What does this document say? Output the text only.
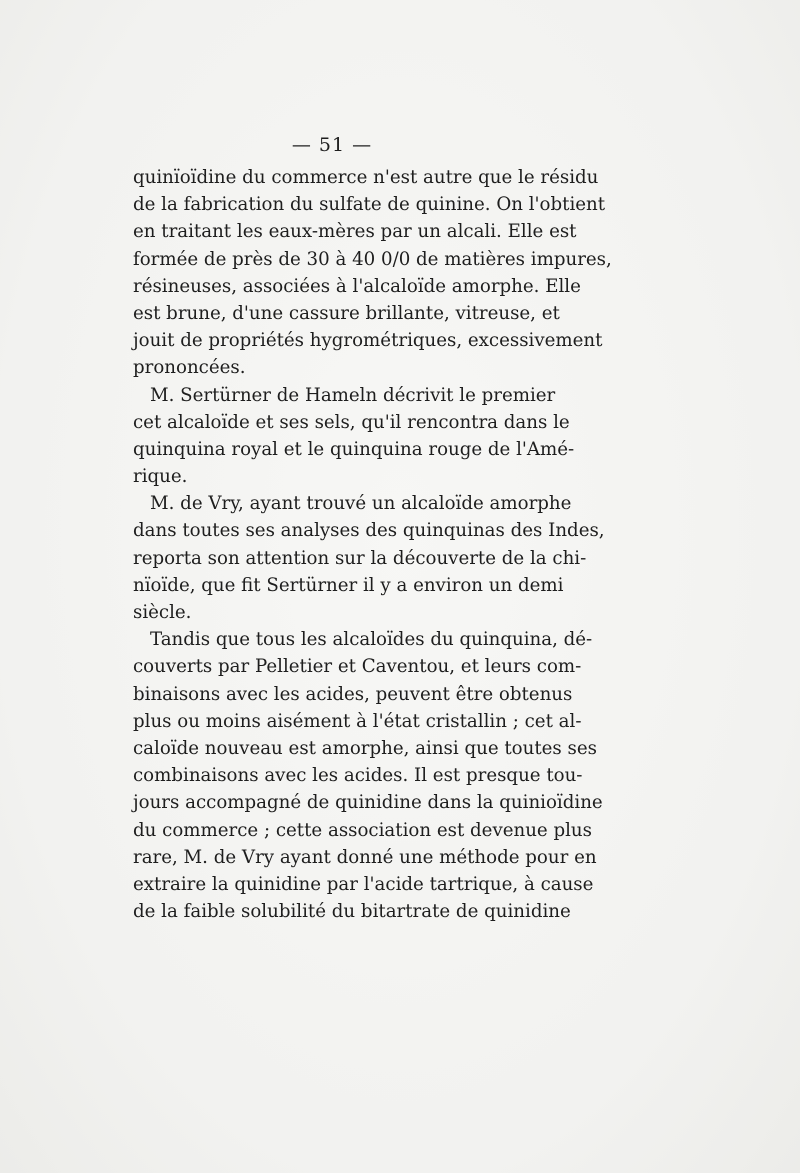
— 51 —
quinïoïdine du commerce n'est autre que le résidu
de la fabrication du sulfate de quinine. On l'obtient
en traitant les eaux-mères par un alcali. Elle est
formée de près de 30 à 40 0/0 de matières impures,
résineuses, associées à l'alcaloïde amorphe. Elle
est brune, d'une cassure brillante, vitreuse, et
jouit de propriétés hygrométriques, excessivement
prononcées.
M. Sertürner de Hameln décrivit le premier
cet alcaloïde et ses sels, qu'il rencontra dans le
quinquina royal et le quinquina rouge de l'Amé-
rique.
M. de Vry, ayant trouvé un alcaloïde amorphe
dans toutes ses analyses des quinquinas des Indes,
reporta son attention sur la découverte de la chi-
nïoïde, que fit Sertürner il y a environ un demi
siècle.
Tandis que tous les alcaloïdes du quinquina, dé-
couverts par Pelletier et Caventou, et leurs com-
binaisons avec les acides, peuvent être obtenus
plus ou moins aisément à l'état cristallin ; cet al-
caloïde nouveau est amorphe, ainsi que toutes ses
combinaisons avec les acides. Il est presque tou-
jours accompagné de quinidine dans la quinioïdine
du commerce ; cette association est devenue plus
rare, M. de Vry ayant donné une méthode pour en
extraire la quinidine par l'acide tartrique, à cause
de la faible solubilité du bitartrate de quinidine
